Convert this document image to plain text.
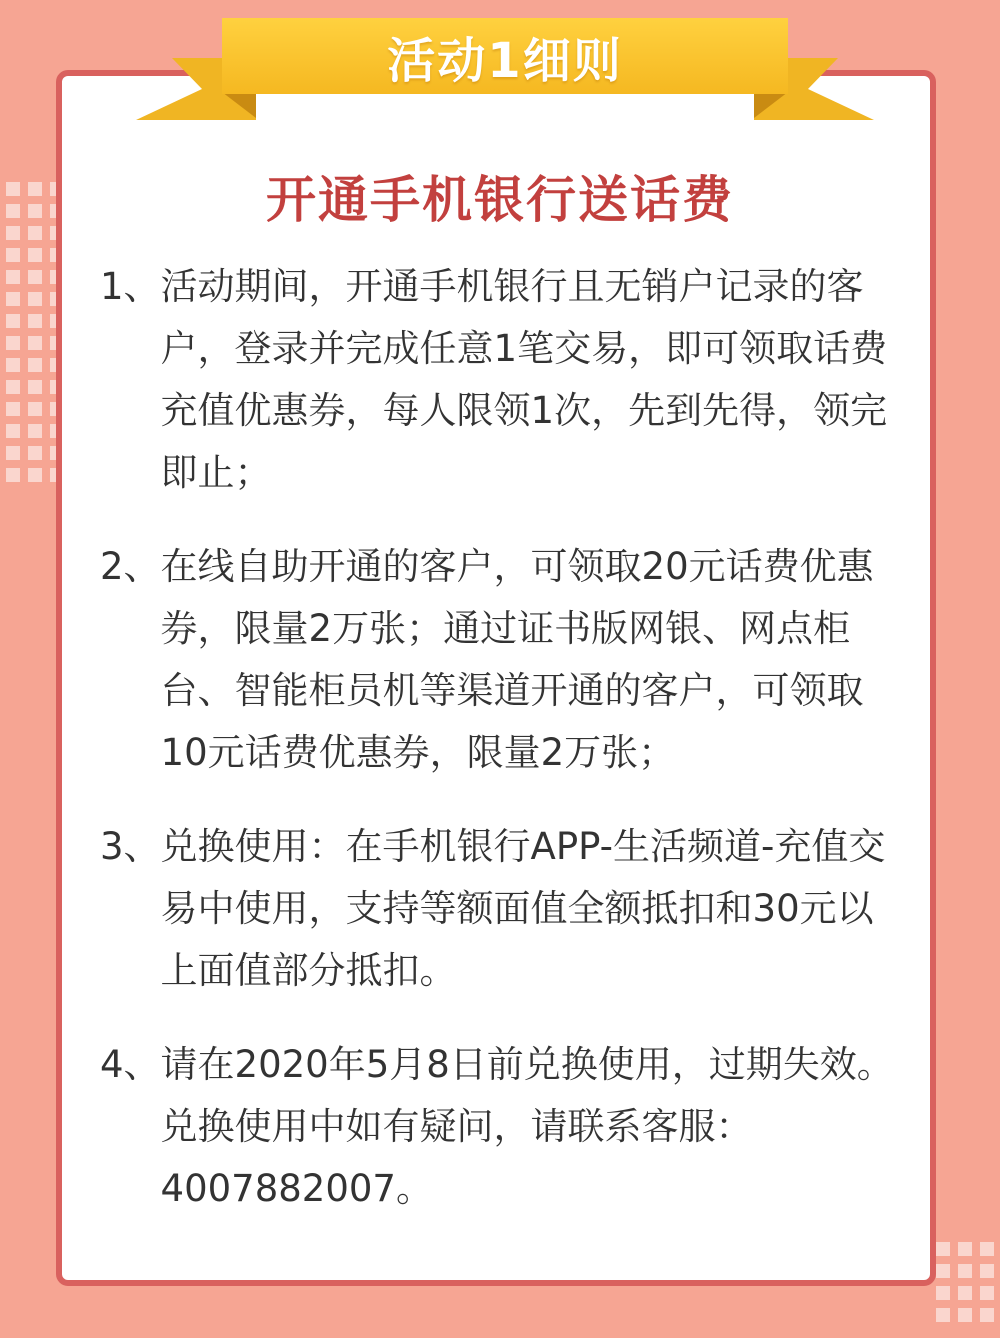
活动1细则
开通手机银行送话费
1、 活动期间，开通手机银行且无销户记录的客户，登录并完成任意1笔交易，即可领取话费充值优惠券，每人限领1次，先到先得，领完即止；
2、 在线自助开通的客户，可领取20元话费优惠券，限量2万张；通过证书版网银、网点柜台、智能柜员机等渠道开通的客户，可领取10元话费优惠券，限量2万张；
3、 兑换使用：在手机银行APP-生活频道-充值交易中使用，支持等额面值全额抵扣和30元以上面值部分抵扣。
4、 请在2020年5月8日前兑换使用，过期失效。兑换使用中如有疑问，请联系客服：4007882007。
